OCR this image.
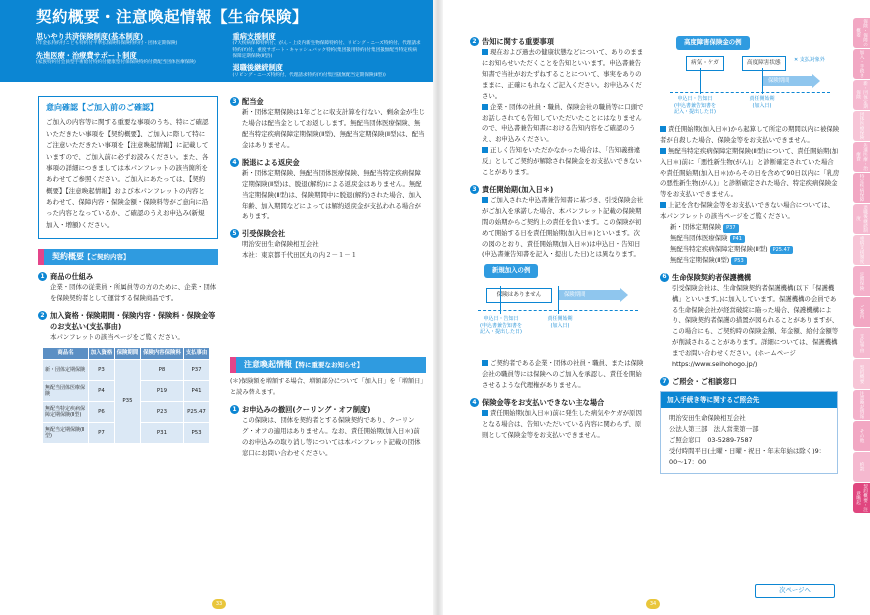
契約概要・注意喚起情報【生命保険】
思いやり共済保険制度(基本制度)
(年金払特約付こども特約付平準払保険料保険特約付・団体定期保険)
先進医療・治療費サポート制度
(家族特約付会員型手術給付特約付健康型付保保険特約付費配当団体医療保険)
重病支援制度
(7大疾病保障特約付、がん・上皮内新生物保障特約付、リビング・ニーズ特約付、代理請求特約(Y)付、重度サポート・キャッシュバック特約(集団扱用特約)付集団扱無配当特定疾病保障定期保険(Ⅱ型))
退職後継続制度
(リビング・ニーズ特約付、代理請求特約(Y)付集団扱無配当定期保険(Ⅱ型))
意向確認【ご加入前のご確認】

ご加入の内容等に関する重要な事項のうち、特にご確認いただきたい事項を【契約概要】、ご加入に際して特にご注意いただきたい事項を【注意喚起情報】に記載していますので、ご加入前に必ずお読みください。また、各事項の詳細につきましては本パンフレットの該当箇所をあわせてご参照ください。ご加入にあたっては、【契約概要】【注意喚起情報】および本パンフレットの内容とあわせて、保障内容・保険金額・保険料等がご意向に沿った内容となっているか、ご確認のうえお申込み(新規加入・増額)ください。

契約概要 【ご契約内容】
1 商品の仕組み
企業・団体の従業員・所属員等の方のために、企業・団体を保険契約者として運営する保険商品です。
2 加入資格・保険期間・保険内容・保険料・保険金等のお支払い(支払事由)
本パンフレットの該当ページをご覧ください。
商品名	加入資格	保険期間	保険内容保険料	支払事由
新・団体定期保険	P3	P35	P8	P37
無配当団体医療保険	P4		P19	P41
無配当特定疾病保障定期保険(Ⅱ型)	P6		P23	P25.47
無配当定期保険(Ⅱ型)	P7		P31	P53
3 配当金
新・団体定期保険は1年ごとに収支計算を行ない、剰余金が生じた場合は配当金としてお返しします。無配当団体医療保険、無配当特定疾病保障定期保険(Ⅱ型)、無配当定期保険(Ⅱ型)は、配当金はありません。
4 脱退による返戻金
新・団体定期保険、無配当団体医療保険、無配当特定疾病保障定期保険(Ⅱ型)は、脱退(解約)による返戻金はありません。無配当定期保険(Ⅱ型)は、保険期間中に脱退(解約)された場合、加入年齢、加入期間などによっては解約返戻金が支払われる場合があります。
5 引受保険会社
明治安田生命保険相互会社
本社：東京都千代田区丸の内２－１－１
注意喚起情報 【特に重要なお知らせ】
(＊)保険額を増額する場合、増額部分について「加入日」を「増額日」と読み替えます。
1 お申込みの撤回(クーリング・オフ制度)
この保険は、団体を契約者とする保険契約であり、クーリング・オフの適用はありません。なお、責任開始期(加入日＊)前のお申込みの取り消し等については本パンフレット記載の団体窓口にお問い合わせください。
33
2 告知に関する重要事項
現在および過去の健康状態などについて、ありのままにお知らせいただくことを告知といいます。申込書兼告知書で当社がおたずねすることについて、事実をありのままに、正確にもれなくご記入ください。お申込みください。
企業・団体の社員・職員、保険会社の職員等に口頭でお話しされても告知していただいたことにはなりませんので、申込書兼告知書における告知内容をご確認のうえ、お申込みください。
正しく告知をいただかなかった場合は、「告知義務違反」としてご契約が解除され保険金をお支払いできないことがあります。
3 責任開始期(加入日＊)
ご加入された申込書兼告知書に基づき、引受保険会社がご加入を承諾した場合、本パンフレット記載の保険期間の始期からご契約上の責任を負います。この保険が初めて開始する日を責任開始期(加入日＊)といいます。次の図のとおり、責任開始期(加入日＊)は申込日・告知日(申込書兼告知書を記入・提出した日)とは異なります。
新規加入の例
保険はありません	保険期間
申込日・告知日
(申込書兼告知書を
記入・提出した日)
責任開始期
(加入日)
ご契約者である企業・団体の社員・職員、または保険会社の職員等には保険へのご加入を承認し、責任を開始させるような代理権がありません。
4 保険金等をお支払いできない主な場合
責任開始期(加入日＊)前に発生した病気やケガが原因となる場合は、告知いただいている内容に関わらず、原則として保険金等をお支払いできません。
高度障害保険金の例
病気・ケガ	高度障害状態	✕ 支払対象外
保険期間
申込日・告知日
(申込書兼告知書を
記入・提出した日)
責任開始期
(加入日)
責任開始期(加入日＊)から起算して所定の期間以内に被保険者が自殺した場合、保険金等をお支払いできません。
無配当特定疾病保障定期保険(Ⅱ型)について、責任開始期(加入日＊)前に「悪性新生物(がん)」と診断確定されていた場合や責任開始期(加入日＊)からその日を含めて90日以内に「乳房の悪性新生物(がん)」と診断確定された場合、特定疾病保険金等をお支払いできません。
上記を含む保険金等をお支払いできない場合については、本パンフレットの該当ページをご覧ください。
新・団体定期保険 P37
無配当団体医療保険 P41
無配当特定疾病保障定期保険(Ⅱ型) P25.47
無配当定期保険(Ⅱ型) P53
6 生命保険契約者保護機構
引受保険会社は、生命保険契約者保護機構(以下「保護機構」といいます。)に加入しています。保護機構の会員である生命保険会社が経営破綻に陥った場合、保護機構により、保険契約者保護の措置が図られることがありますが、この場合にも、ご契約時の保険金額、年金額、給付金額等が削減されることがあります。詳細については、保護機構までお問い合わせください。(ホームページ https://www.seihohogo.jp/)
7 ご照会・ご相談窓口
加入手続き等に関するご照会先
明治安田生命保険相互会社
公法人第三部　法人営業第一部
ご照会窓口　03-5289-7587
受付時間平日(土曜・日曜・祝日・年末年始は除く)9：00～17：00
次ページへ
34
保険・保障の概要
加入・手続き
新・団体定期保険
団体医療保険
先進医療・治療費
特定疾病保障
退職後継続制度
重病支援制度
定期保険
ご案内
支払事由
契約概要
注意喚起情報
その他
約款
契約概要・注意喚起
